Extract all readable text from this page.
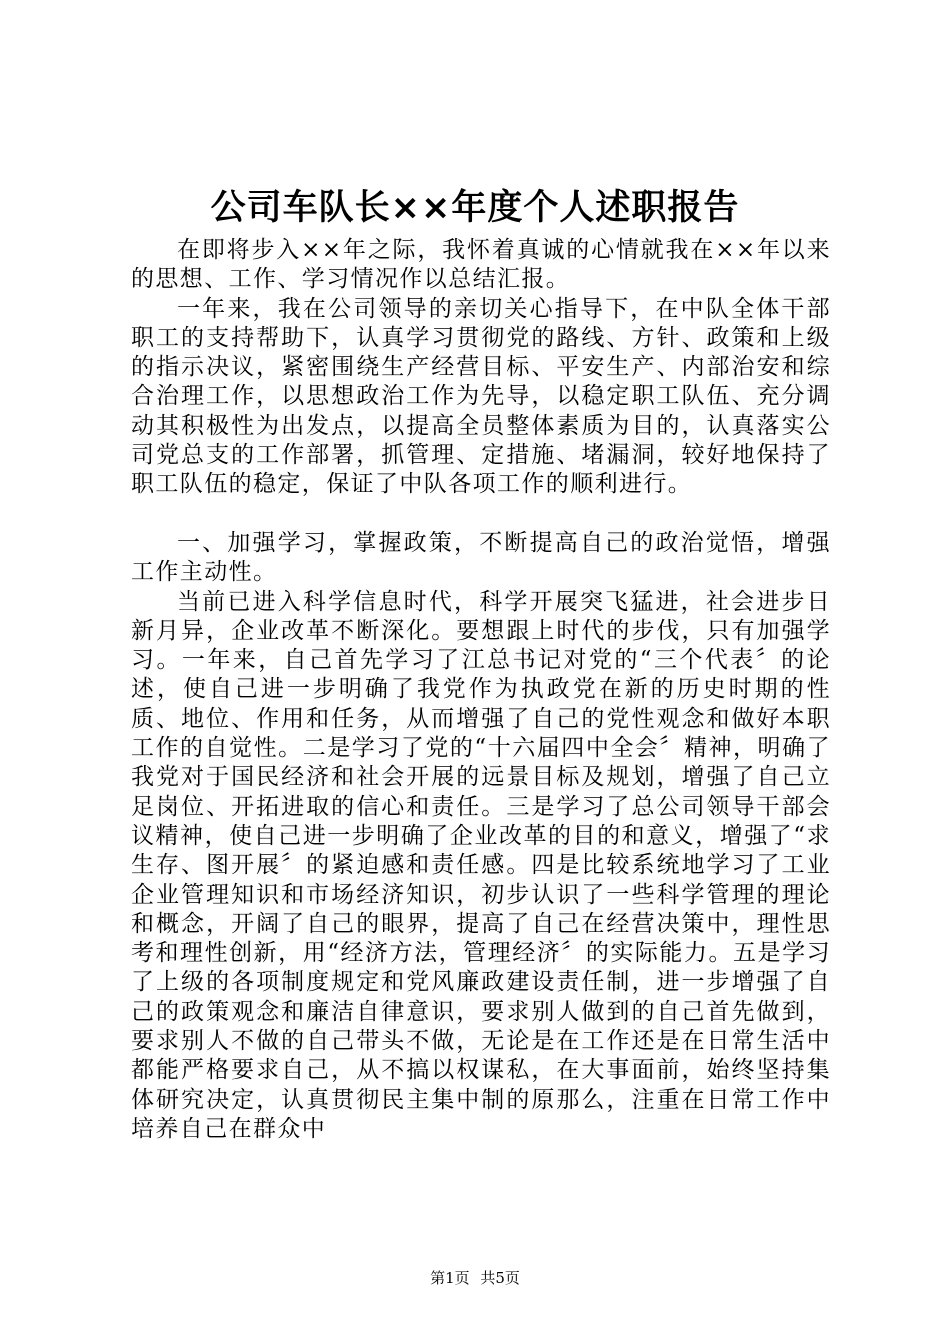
公司车队长××年度个人述职报告

在即将步入××年之际，我怀着真诚的心情就我在××年以来的思想、工作、学习情况作以总结汇报。

一年来，我在公司领导的亲切关心指导下，在中队全体干部职工的支持帮助下，认真学习贯彻党的路线、方针、政策和上级的指示决议，紧密围绕生产经营目标、平安生产、内部治安和综合治理工作，以思想政治工作为先导，以稳定职工队伍、充分调动其积极性为出发点，以提高全员整体素质为目的，认真落实公司党总支的工作部署，抓管理、定措施、堵漏洞，较好地保持了职工队伍的稳定，保证了中队各项工作的顺利进行。

一、加强学习，掌握政策，不断提高自己的政治觉悟，增强工作主动性。

当前已进入科学信息时代，科学开展突飞猛进，社会进步日新月异，企业改革不断深化。要想跟上时代的步伐，只有加强学习。一年来，自己首先学习了江总书记对党的“三个代表〞的论述，使自己进一步明确了我党作为执政党在新的历史时期的性质、地位、作用和任务，从而增强了自己的党性观念和做好本职工作的自觉性。二是学习了党的“十六届四中全会〞精神，明确了我党对于国民经济和社会开展的远景目标及规划，增强了自己立足岗位、开拓进取的信心和责任。三是学习了总公司领导干部会议精神，使自己进一步明确了企业改革的目的和意义，增强了“求生存、图开展〞的紧迫感和责任感。四是比较系统地学习了工业企业管理知识和市场经济知识，初步认识了一些科学管理的理论和概念，开阔了自己的眼界，提高了自己在经营决策中，理性思考和理性创新，用“经济方法，管理经济〞的实际能力。五是学习了上级的各项制度规定和党风廉政建设责任制，进一步增强了自己的政策观念和廉洁自律意识，要求别人做到的自己首先做到，要求别人不做的自己带头不做，无论是在工作还是在日常生活中都能严格要求自己，从不搞以权谋私，在大事面前，始终坚持集体研究决定，认真贯彻民主集中制的原那么，注重在日常工作中培养自己在群众中

第1页 共5页
